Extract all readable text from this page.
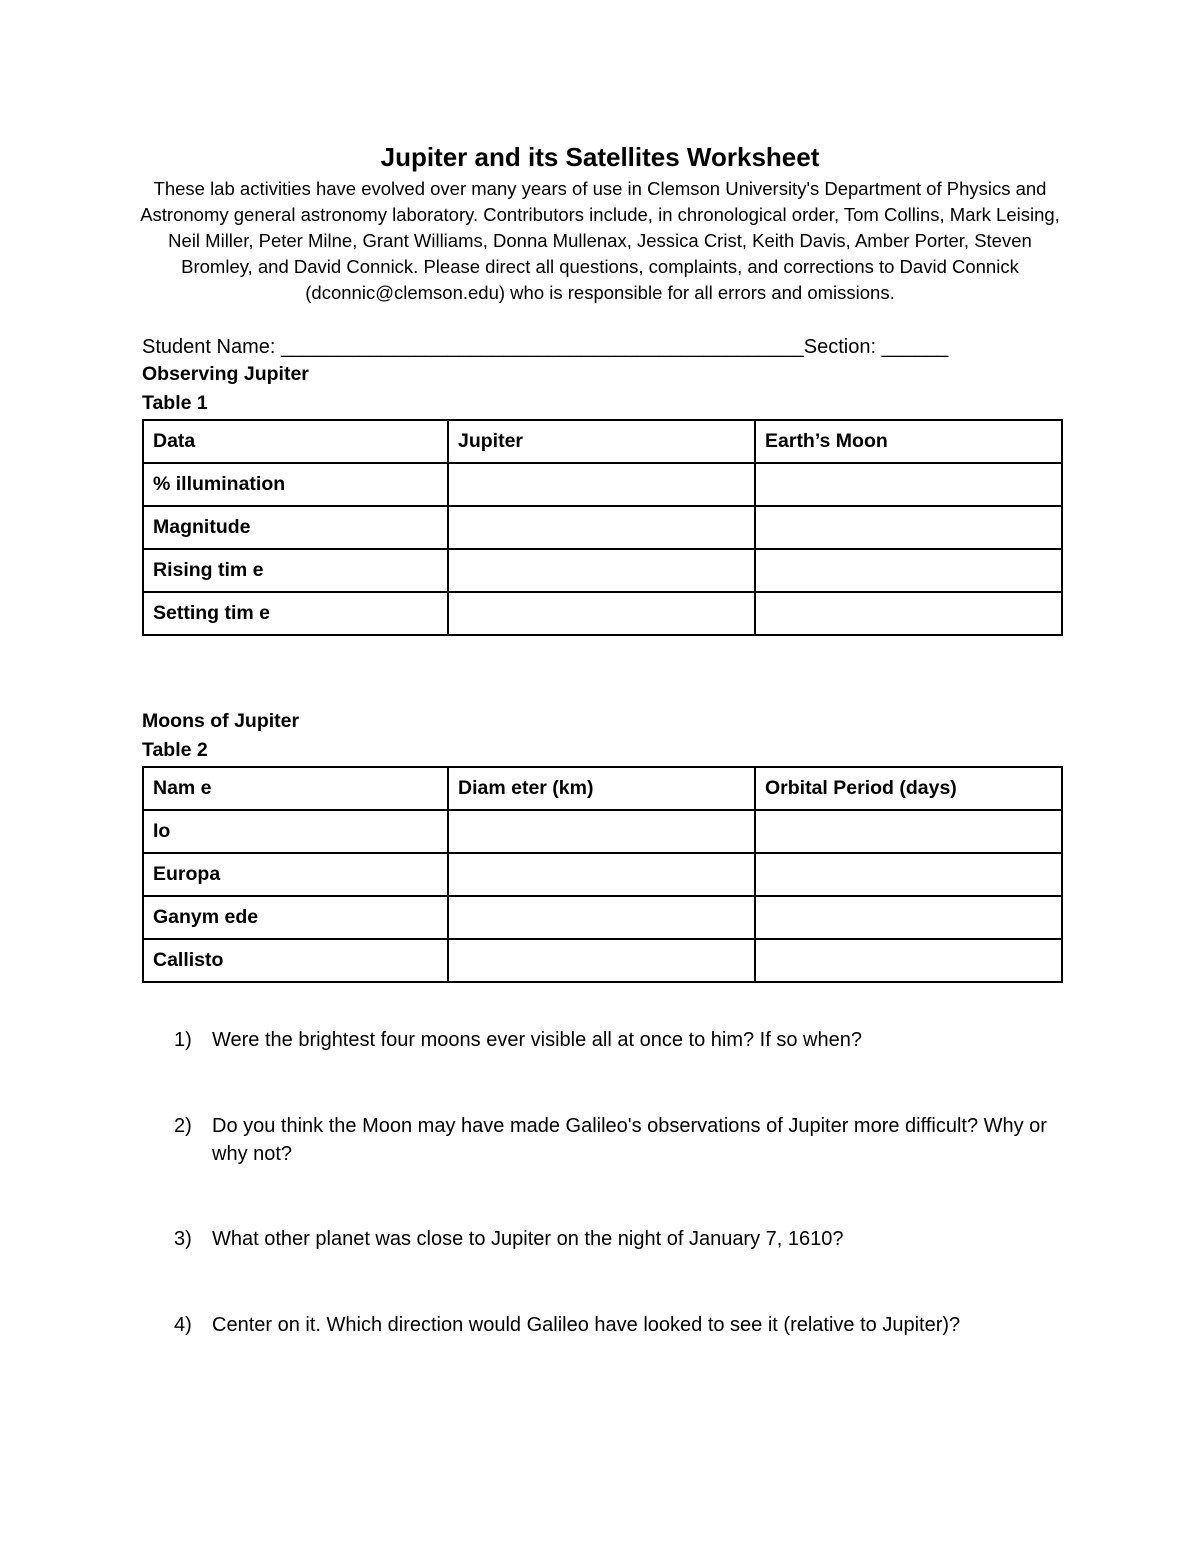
Jupiter and its Satellites Worksheet
These lab activities have evolved over many years of use in Clemson University's Department of Physics and Astronomy general astronomy laboratory. Contributors include, in chronological order, Tom Collins, Mark Leising, Neil Miller, Peter Milne, Grant Williams, Donna Mullenax, Jessica Crist, Keith Davis, Amber Porter, Steven Bromley, and David Connick. Please direct all questions, complaints, and corrections to David Connick (dconnic@clemson.edu) who is responsible for all errors and omissions.
Student Name: _______________________________________________Section: ______
Observing Jupiter
Table 1
Data	Jupiter	Earth’s Moon
% illumination		
Magnitude		
Rising tim e		
Setting tim e		
Moons of Jupiter
Table 2
Nam e	Diam eter (km)	Orbital Period (days)
Io		
Europa		
Ganym ede		
Callisto		
1)	Were the brightest four moons ever visible all at once to him? If so when?
2)	Do you think the Moon may have made Galileo's observations of Jupiter more difficult? Why or why not?
3)	What other planet was close to Jupiter on the night of January 7, 1610?
4)	Center on it. Which direction would Galileo have looked to see it (relative to Jupiter)?
